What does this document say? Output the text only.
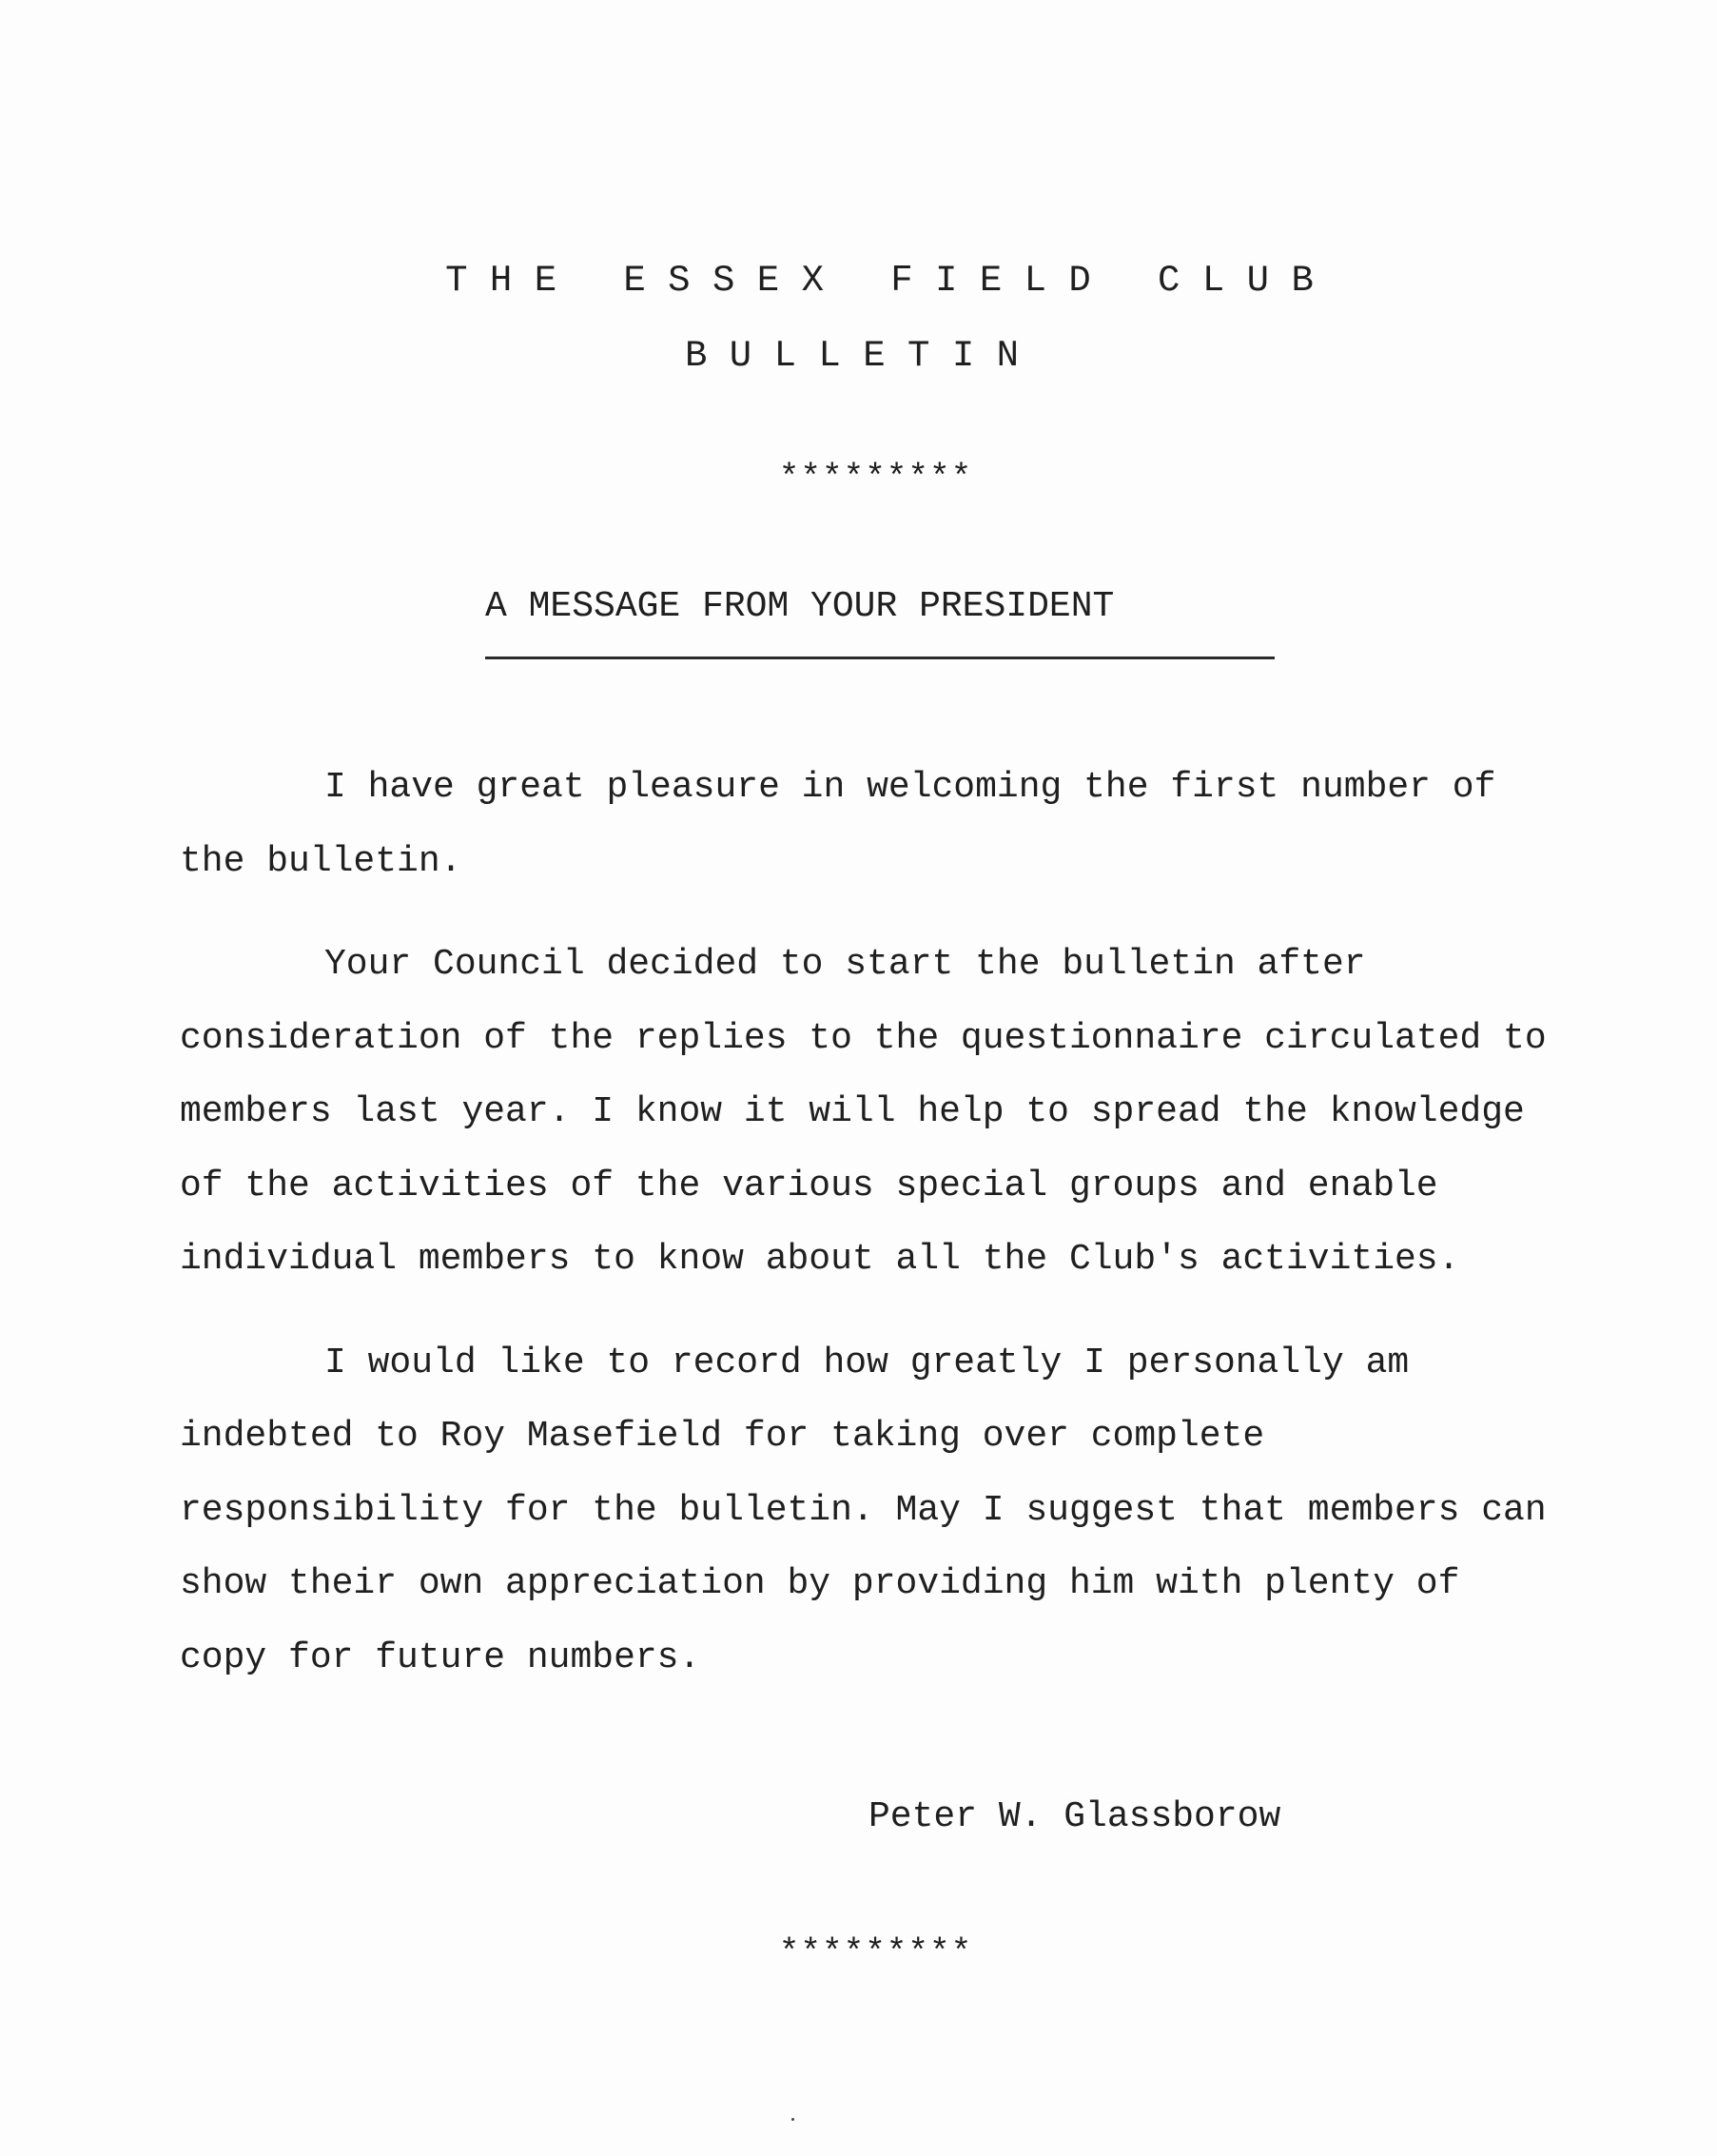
T H E   E S S E X   F I E L D   C L U B
B U L L E T I N
*********
A MESSAGE FROM YOUR PRESIDENT

I have great pleasure in welcoming the first number of the bulletin.

Your Council decided to start the bulletin after consideration of the replies to the questionnaire circulated to members last year. I know it will help to spread the knowledge of the activities of the various special groups and enable individual members to know about all the Club's activities.

I would like to record how greatly I personally am indebted to Roy Masefield for taking over complete responsibility for the bulletin. May I suggest that members can show their own appreciation by providing him with plenty of copy for future numbers.

Peter W. Glassborow
*********
